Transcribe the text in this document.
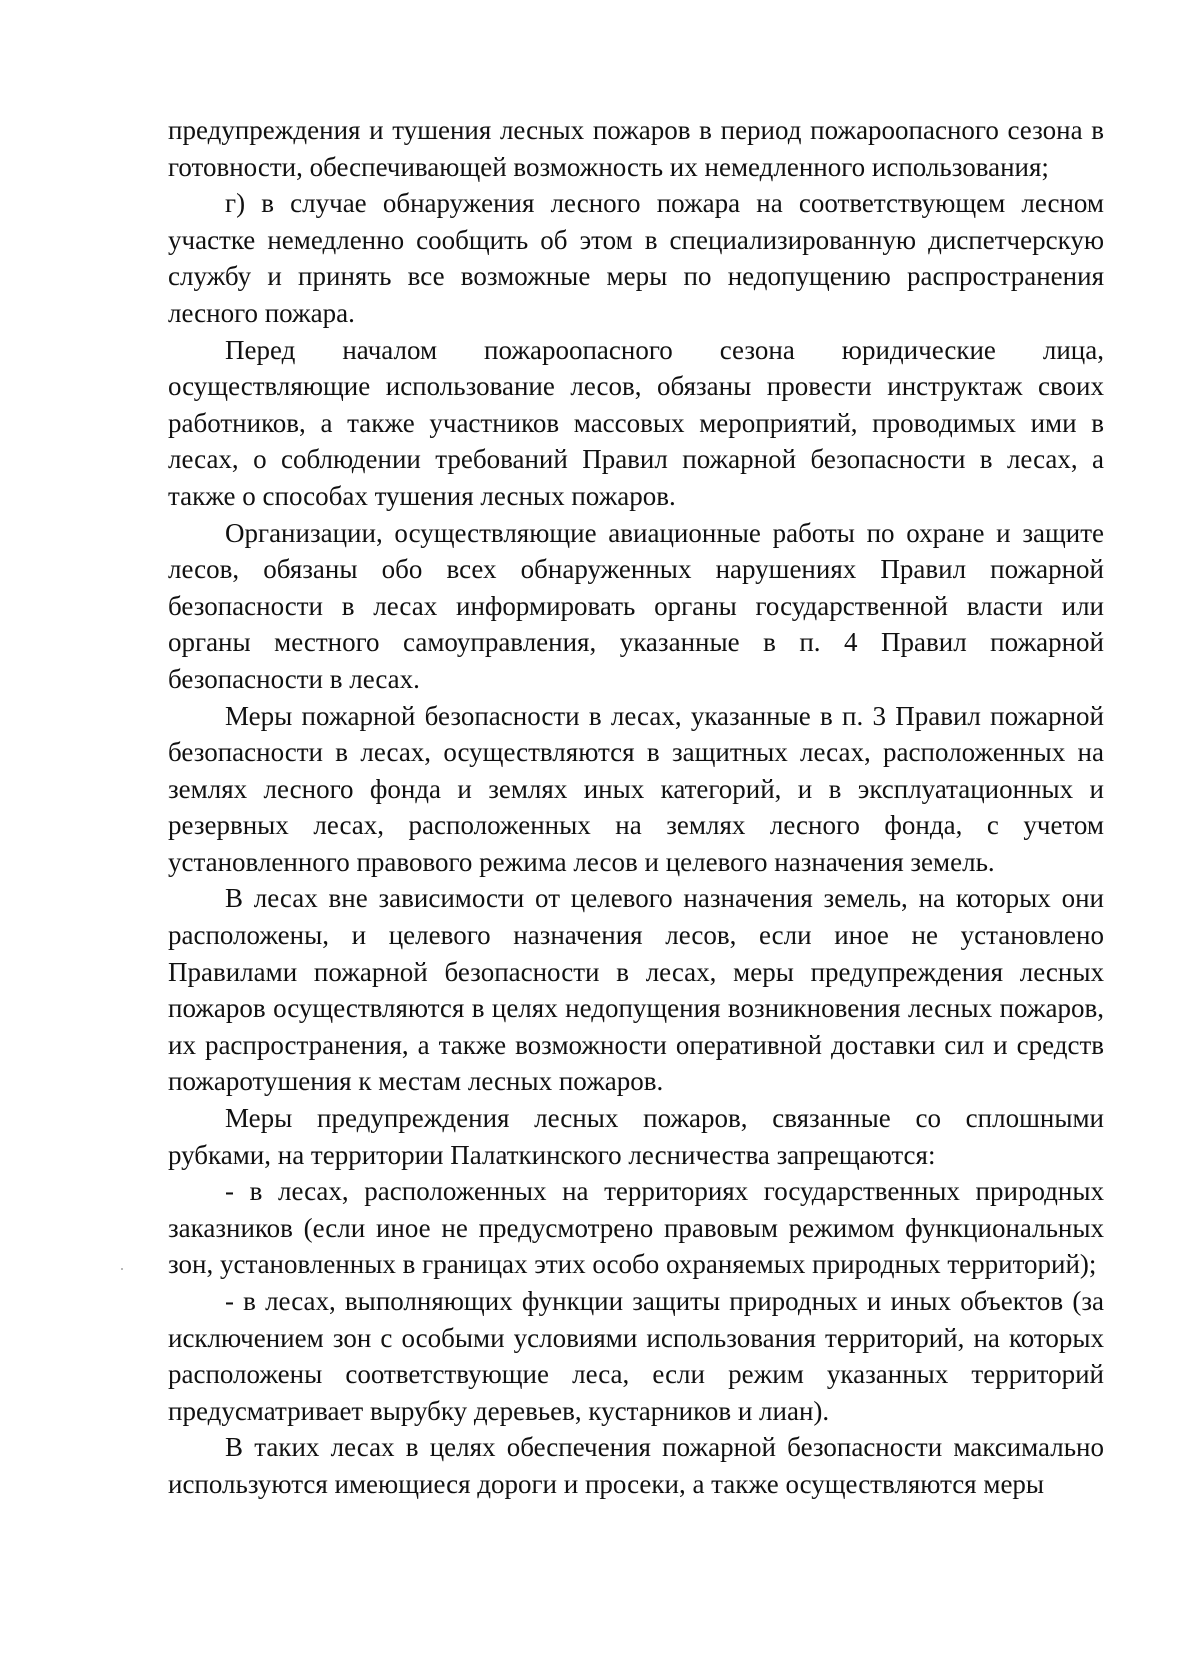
предупреждения и тушения лесных пожаров в период пожароопасного сезона в готовности, обеспечивающей возможность их немедленного использования;

г) в случае обнаружения лесного пожара на соответствующем лесном участке немедленно сообщить об этом в специализированную диспетчерскую службу и принять все возможные меры по недопущению распространения лесного пожара.

Перед началом пожароопасного сезона юридические лица, осуществляющие использование лесов, обязаны провести инструктаж своих работников, а также участников массовых мероприятий, проводимых ими в лесах, о соблюдении требований Правил пожарной безопасности в лесах, а также о способах тушения лесных пожаров.

Организации, осуществляющие авиационные работы по охране и защите лесов, обязаны обо всех обнаруженных нарушениях Правил пожарной безопасности в лесах информировать органы государственной власти или органы местного самоуправления, указанные в п. 4 Правил пожарной безопасности в лесах.

Меры пожарной безопасности в лесах, указанные в п. 3 Правил пожарной безопасности в лесах, осуществляются в защитных лесах, расположенных на землях лесного фонда и землях иных категорий, и в эксплуатационных и резервных лесах, расположенных на землях лесного фонда, с учетом установленного правового режима лесов и целевого назначения земель.

В лесах вне зависимости от целевого назначения земель, на которых они расположены, и целевого назначения лесов, если иное не установлено Правилами пожарной безопасности в лесах, меры предупреждения лесных пожаров осуществляются в целях недопущения возникновения лесных пожаров, их распространения, а также возможности оперативной доставки сил и средств пожаротушения к местам лесных пожаров.

Меры предупреждения лесных пожаров, связанные со сплошными рубками, на территории Палаткинского лесничества запрещаются:

- в лесах, расположенных на территориях государственных природных заказников (если иное не предусмотрено правовым режимом функциональных зон, установленных в границах этих особо охраняемых природных территорий);

- в лесах, выполняющих функции защиты природных и иных объектов (за исключением зон с особыми условиями использования территорий, на которых расположены соответствующие леса, если режим указанных территорий предусматривает вырубку деревьев, кустарников и лиан).

В таких лесах в целях обеспечения пожарной безопасности максимально используются имеющиеся дороги и просеки, а также осуществляются меры
